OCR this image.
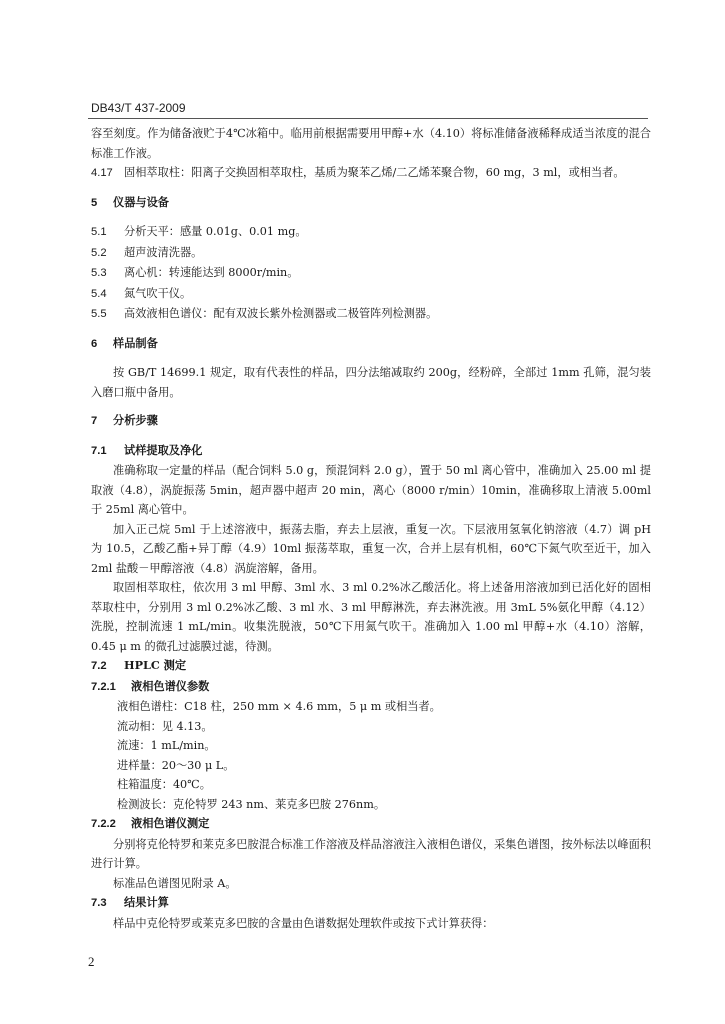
DB43/T 437-2009

容至刻度。作为储备液贮于4℃冰箱中。临用前根据需要用甲醇+水（4.10）将标准储备液稀释成适当浓度的混合标准工作液。

4.17 固相萃取柱：阳离子交换固相萃取柱，基质为聚苯乙烯/二乙烯苯聚合物，60 mg，3 ml，或相当者。

5 仪器与设备

5.1 分析天平：感量 0.01g、0.01 mg。

5.2 超声波清洗器。

5.3 离心机：转速能达到 8000r/min。

5.4 氮气吹干仪。

5.5 高效液相色谱仪：配有双波长紫外检测器或二极管阵列检测器。

6 样品制备

按 GB/T 14699.1 规定，取有代表性的样品，四分法缩减取约 200g，经粉碎，全部过 1mm 孔筛，混匀装入磨口瓶中备用。

7 分析步骤

7.1 试样提取及净化

准确称取一定量的样品（配合饲料 5.0 g，预混饲料 2.0 g），置于 50 ml 离心管中，准确加入 25.00 ml 提取液（4.8），涡旋振荡 5min，超声器中超声 20 min，离心（8000 r/min）10min，准确移取上清液 5.00ml 于 25ml 离心管中。

加入正己烷 5ml 于上述溶液中，振荡去脂，弃去上层液，重复一次。下层液用氢氧化钠溶液（4.7）调 pH 为 10.5，乙酸乙酯+异丁醇（4.9）10ml 振荡萃取，重复一次，合并上层有机相，60℃下氮气吹至近干，加入 2ml 盐酸－甲醇溶液（4.8）涡旋溶解，备用。

取固相萃取柱，依次用 3 ml 甲醇、3ml 水、3 ml 0.2%冰乙酸活化。将上述备用溶液加到已活化好的固相萃取柱中，分别用 3 ml 0.2%冰乙酸、3 ml 水、3 ml 甲醇淋洗，弃去淋洗液。用 3mL 5%氨化甲醇（4.12）洗脱，控制流速 1 mL/min。收集洗脱液，50℃下用氮气吹干。准确加入 1.00 ml 甲醇+水（4.10）溶解，0.45 μ m 的微孔过滤膜过滤，待测。

7.2 HPLC 测定

7.2.1 液相色谱仪参数

液相色谱柱：C18 柱，250 mm × 4.6 mm，5 μ m 或相当者。

流动相：见 4.13。

流速：1 mL/min。

进样量：20～30 μ L。

柱箱温度：40℃。

检测波长：克伦特罗 243 nm、莱克多巴胺 276nm。

7.2.2 液相色谱仪测定

分别将克伦特罗和莱克多巴胺混合标准工作溶液及样品溶液注入液相色谱仪，采集色谱图，按外标法以峰面积进行计算。

标准品色谱图见附录 A。

7.3 结果计算

样品中克伦特罗或莱克多巴胺的含量由色谱数据处理软件或按下式计算获得：

2
